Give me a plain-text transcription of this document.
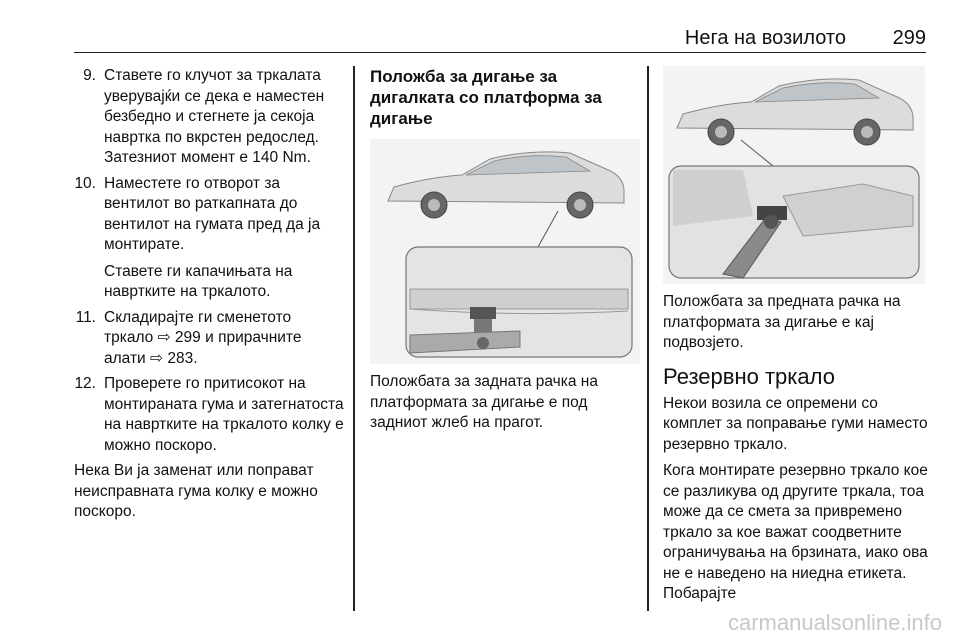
Нега на возилото 299
9. Ставете го клучот за тркалата уверувајќи се дека е наместен безбедно и стегнете ја секоја навртка по вкрстен редослед. Затезниот момент е 140 Nm.

10. Наместете го отворот за вентилот во раткапната до вентилот на гумата пред да ја монтирате.

Ставете ги капачињата на навртките на тркалото.

11. Складирајте ги сменетото тркало ⇨ 299 и прирачните алати ⇨ 283.

12. Проверете го притисокот на монтираната гума и затегнатоста на навртките на тркалото колку е можно поскоро.

Нека Ви ја заменат или поправат неисправната гума колку е можно поскоро.

Положба за дигање за дигалката со платформа за дигање

Положбата за задната рачка на платформата за дигање е под задниот жлеб на прагот.

Положбата за предната рачка на платформата за дигање е кај подвозјето.

Резервно тркало

Некои возила се опремени со комплет за поправање гуми наместо резервно тркало.

Кога монтирате резервно тркало кое се разликува од другите тркала, тоа може да се смета за привремено тркало за кое важат соодветните ограничувања на брзината, иако ова не е наведено на ниедна етикета. Побарајте

carmanualsonline.info
